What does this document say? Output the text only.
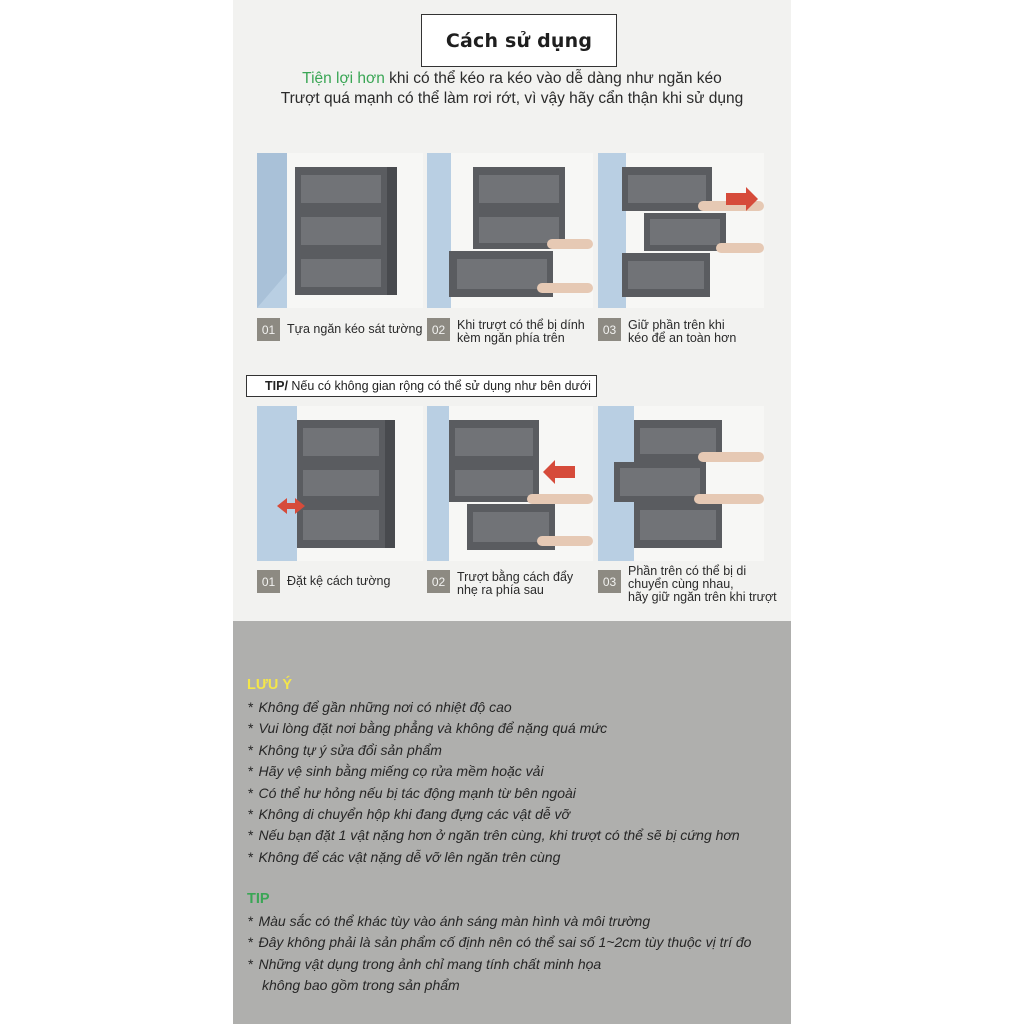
Cách sử dụng
Tiện lợi hơn khi có thể kéo ra kéo vào dễ dàng như ngăn kéo
Trượt quá mạnh có thể làm rơi rớt, vì vậy hãy cẩn thận khi sử dụng
01 Tựa ngăn kéo sát tường 02 Khi trượt có thể bị dính
kèm ngăn phía trên
03 Giữ phần trên khi
kéo để an toàn hơn
TIP/ Nếu có không gian rộng có thể sử dụng như bên dưới
01 Đặt kệ cách tường	02 Trượt bằng cách đẩy
nhẹ ra phía sau
03
Phần trên có thể bị di
chuyển cùng nhau,
hãy giữ ngăn trên khi trượt
LƯU Ý
* Không để gần những nơi có nhiệt độ cao
* Vui lòng đặt nơi bằng phẳng và không để nặng quá mức
* Không tự ý sửa đổi sản phẩm
* Hãy vệ sinh bằng miếng cọ rửa mềm hoặc vải
* Có thể hư hỏng nếu bị tác động mạnh từ bên ngoài
* Không di chuyển hộp khi đang đựng các vật dễ vỡ
* Nếu bạn đặt 1 vật nặng hơn ở ngăn trên cùng, khi trượt có thể sẽ bị cứng hơn
* Không để các vật nặng dễ vỡ lên ngăn trên cùng
TIP
* Màu sắc có thể khác tùy vào ánh sáng màn hình và môi trường
* Đây không phải là sản phẩm cố định nên có thể sai số 1~2cm tùy thuộc vị trí đo
* Những vật dụng trong ảnh chỉ mang tính chất minh họa
không bao gồm trong sản phẩm
